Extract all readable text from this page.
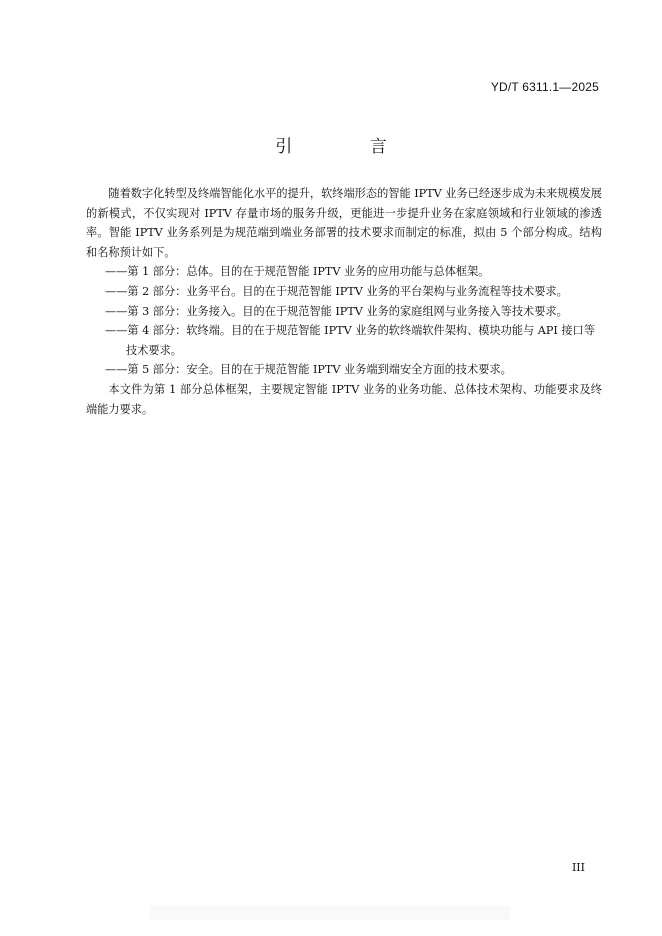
YD/T 6311.1—2025
引 言

随着数字化转型及终端智能化水平的提升，软终端形态的智能 IPTV 业务已经逐步成为未来规模发展的新模式，不仅实现对 IPTV 存量市场的服务升级，更能进一步提升业务在家庭领域和行业领域的渗透率。智能 IPTV 业务系列是为规范端到端业务部署的技术要求而制定的标准，拟由 5 个部分构成。结构和名称预计如下。

——第 1 部分：总体。目的在于规范智能 IPTV 业务的应用功能与总体框架。
——第 2 部分：业务平台。目的在于规范智能 IPTV 业务的平台架构与业务流程等技术要求。
——第 3 部分：业务接入。目的在于规范智能 IPTV 业务的家庭组网与业务接入等技术要求。
——第 4 部分：软终端。目的在于规范智能 IPTV 业务的软终端软件架构、模块功能与 API 接口等技术要求。
——第 5 部分：安全。目的在于规范智能 IPTV 业务端到端安全方面的技术要求。

本文件为第 1 部分总体框架，主要规定智能 IPTV 业务的业务功能、总体技术架构、功能要求及终端能力要求。

III
